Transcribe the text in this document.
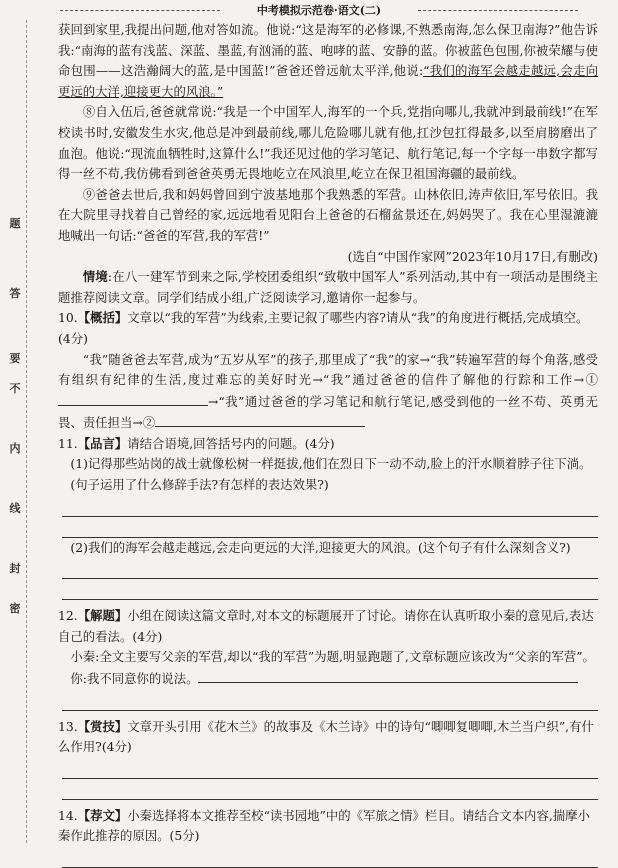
中考模拟示范卷·语文(二)
题
答
要
不
内
线
封
密

获回到家里,我提出问题,他对答如流。他说:“这是海军的必修课,不熟悉南海,怎么保卫南海?”他告诉我:“南海的蓝有浅蓝、深蓝、墨蓝,有汹涌的蓝、咆哮的蓝、安静的蓝。你被蓝色包围,你被荣耀与使命包围——这浩瀚阔大的蓝,是中国蓝!”爸爸还曾远航太平洋,他说:“我们的海军会越走越远,会走向更远的大洋,迎接更大的风浪。”

⑧自入伍后,爸爸就常说:“我是一个中国军人,海军的一个兵,党指向哪儿,我就冲到最前线!”在军校读书时,安徽发生水灾,他总是冲到最前线,哪儿危险哪儿就有他,扛沙包扛得最多,以至肩膀磨出了血泡。他说:“现流血牺牲时,这算什么!”我还见过他的学习笔记、航行笔记,每一个字每一串数字都写得一丝不苟,我仿佛看到爸爸英勇无畏地屹立在风浪里,屹立在保卫祖国海疆的最前线。

⑨爸爸去世后,我和妈妈曾回到宁波基地那个我熟悉的军营。山林依旧,涛声依旧,军号依旧。我在大院里寻找着自己曾经的家,远远地看见阳台上爸爸的石榴盆景还在,妈妈哭了。我在心里湿漉漉地喊出一句话:“爸爸的军营,我的军营!”

(选自“中国作家网”2023年10月17日,有删改)

情境:在八一建军节到来之际,学校团委组织“致敬中国军人”系列活动,其中有一项活动是围绕主题推荐阅读文章。同学们结成小组,广泛阅读学习,邀请你一起参与。

10.【概括】文章以“我的军营”为线索,主要记叙了哪些内容?请从“我”的角度进行概括,完成填空。(4分)

“我”随爸爸去军营,成为“五岁从军”的孩子,那里成了“我”的家→“我”转遍军营的每个角落,感受有组织有纪律的生活,度过难忘的美好时光→“我”通过爸爸的信件了解他的行踪和工作→①→“我”通过爸爸的学习笔记和航行笔记,感受到他的一丝不苟、英勇无畏、责任担当→②

11.【品言】请结合语境,回答括号内的问题。(4分)

(1)记得那些站岗的战士就像松树一样挺拔,他们在烈日下一动不动,脸上的汗水顺着脖子往下淌。(句子运用了什么修辞手法?有怎样的表达效果?)

(2)我们的海军会越走越远,会走向更远的大洋,迎接更大的风浪。(这个句子有什么深刻含义?)

12.【解题】小组在阅读这篇文章时,对本文的标题展开了讨论。请你在认真听取小秦的意见后,表达自己的看法。(4分)

小秦:全文主要写父亲的军营,却以“我的军营”为题,明显跑题了,文章标题应该改为“父亲的军营”。

你:我不同意你的说法。

13.【赏技】文章开头引用《花木兰》的故事及《木兰诗》中的诗句“唧唧复唧唧,木兰当户织”,有什么作用?(4分)

14.【荐文】小秦选择将本文推荐至校“读书园地”中的《军旅之情》栏目。请结合文本内容,揣摩小秦作此推荐的原因。(5分)
